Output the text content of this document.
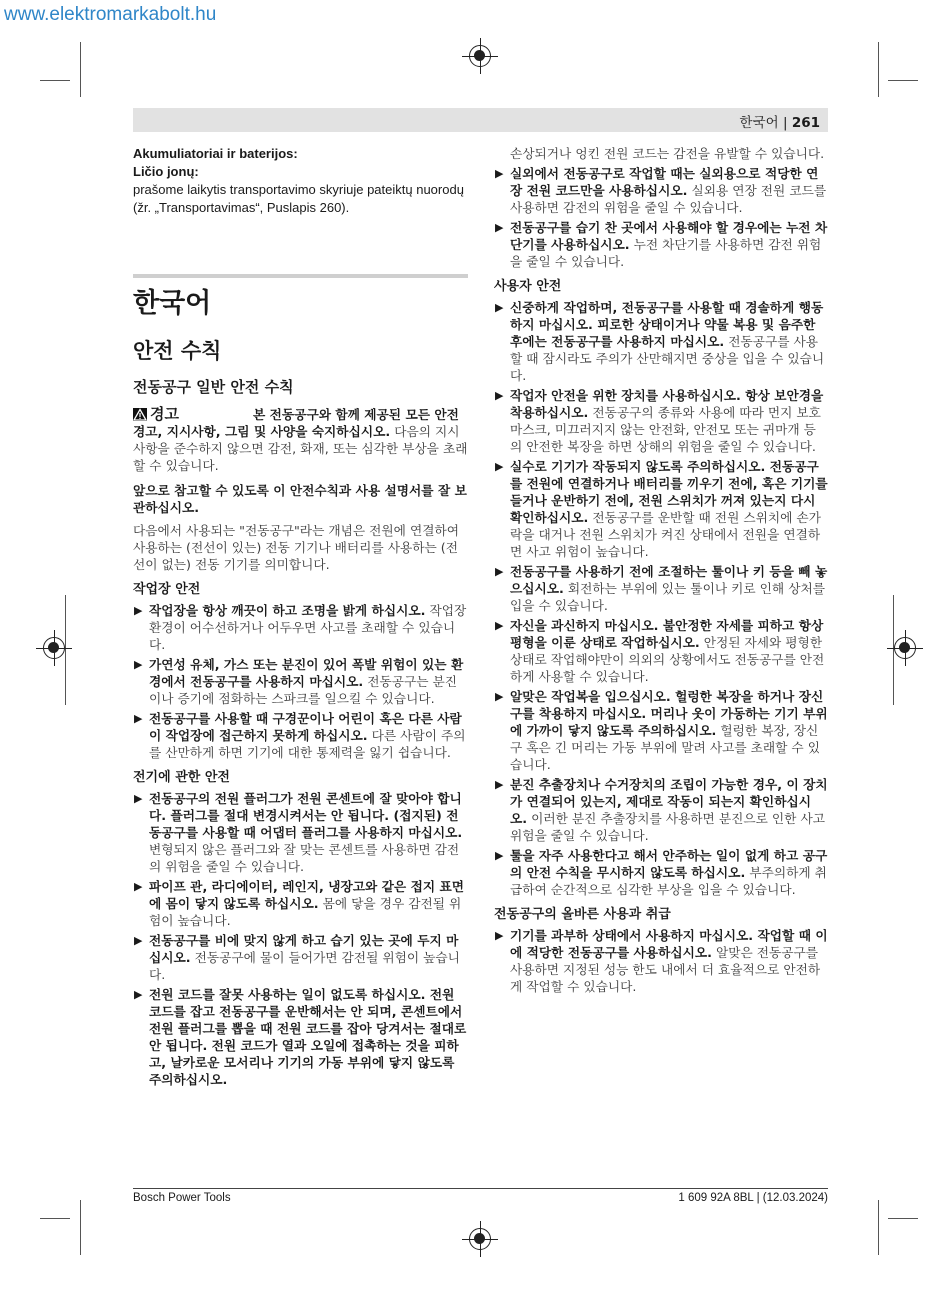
www.elektromarkabolt.hu
한국어 | 261
Akumuliatoriai ir baterijos:
Ličio jonų:
prašome laikytis transportavimo skyriuje pateiktų nuorodų (žr. „Transportavimas“, Puslapis 260).
한국어
안전 수칙
전동공구 일반 안전 수칙
경고	본 전동공구와 함께 제공된 모든 안전경고, 지시사항, 그림 및 사양을 숙지하십시오. 다음의 지시 사항을 준수하지 않으면 감전, 화재, 또는 심각한 부상을 초래할 수 있습니다.

앞으로 참고할 수 있도록 이 안전수칙과 사용 설명서를 잘 보관하십시오.

다음에서 사용되는 "전동공구"라는 개념은 전원에 연결하여 사용하는 (전선이 있는) 전동 기기나 배터리를 사용하는 (전선이 없는) 전동 기기를 의미합니다.

작업장 안전
▶ 작업장을 항상 깨끗이 하고 조명을 밝게 하십시오. 작업장 환경이 어수선하거나 어두우면 사고를 초래할 수 있습니다.
▶ 가연성 유체, 가스 또는 분진이 있어 폭발 위험이 있는 환경에서 전동공구를 사용하지 마십시오. 전동공구는 분진이나 증기에 점화하는 스파크를 일으킬 수 있습니다.
▶ 전동공구를 사용할 때 구경꾼이나 어린이 혹은 다른 사람이 작업장에 접근하지 못하게 하십시오. 다른 사람이 주의를 산만하게 하면 기기에 대한 통제력을 잃기 쉽습니다.
전기에 관한 안전
▶ 전동공구의 전원 플러그가 전원 콘센트에 잘 맞아야 합니다. 플러그를 절대 변경시켜서는 안 됩니다. (접지된) 전동공구를 사용할 때 어댑터 플러그를 사용하지 마십시오. 변형되지 않은 플러그와 잘 맞는 콘센트를 사용하면 감전의 위험을 줄일 수 있습니다.
▶ 파이프 관, 라디에이터, 레인지, 냉장고와 같은 접지 표면에 몸이 닿지 않도록 하십시오. 몸에 닿을 경우 감전될 위험이 높습니다.
▶ 전동공구를 비에 맞지 않게 하고 습기 있는 곳에 두지 마십시오. 전동공구에 물이 들어가면 감전될 위험이 높습니다.
▶ 전원 코드를 잘못 사용하는 일이 없도록 하십시오. 전원 코드를 잡고 전동공구를 운반해서는 안 되며, 콘센트에서 전원 플러그를 뽑을 때 전원 코드를 잡아 당겨서는 절대로 안 됩니다. 전원 코드가 열과 오일에 접촉하는 것을 피하고, 날카로운 모서리나 기기의 가동 부위에 닿지 않도록 주의하십시오.
손상되거나 엉킨 전원 코드는 감전을 유발할 수 있습니다.
▶ 실외에서 전동공구로 작업할 때는 실외용으로 적당한 연장 전원 코드만을 사용하십시오. 실외용 연장 전원 코드를 사용하면 감전의 위험을 줄일 수 있습니다.
▶ 전동공구를 습기 찬 곳에서 사용해야 할 경우에는 누전 차단기를 사용하십시오. 누전 차단기를 사용하면 감전 위험을 줄일 수 있습니다.
사용자 안전
▶ 신중하게 작업하며, 전동공구를 사용할 때 경솔하게 행동하지 마십시오. 피로한 상태이거나 약물 복용 및 음주한 후에는 전동공구를 사용하지 마십시오. 전동공구를 사용할 때 잠시라도 주의가 산만해지면 중상을 입을 수 있습니다.
▶ 작업자 안전을 위한 장치를 사용하십시오. 항상 보안경을 착용하십시오. 전동공구의 종류와 사용에 따라 먼지 보호 마스크, 미끄러지지 않는 안전화, 안전모 또는 귀마개 등의 안전한 복장을 하면 상해의 위험을 줄일 수 있습니다.
▶ 실수로 기기가 작동되지 않도록 주의하십시오. 전동공구를 전원에 연결하거나 배터리를 끼우기 전에, 혹은 기기를 들거나 운반하기 전에, 전원 스위치가 꺼져 있는지 다시 확인하십시오. 전동공구를 운반할 때 전원 스위치에 손가락을 대거나 전원 스위치가 켜진 상태에서 전원을 연결하면 사고 위험이 높습니다.
▶ 전동공구를 사용하기 전에 조절하는 툴이나 키 등을 빼 놓으십시오. 회전하는 부위에 있는 툴이나 키로 인해 상처를 입을 수 있습니다.
▶ 자신을 과신하지 마십시오. 불안정한 자세를 피하고 항상 평형을 이룬 상태로 작업하십시오. 안정된 자세와 평형한 상태로 작업해야만이 의외의 상황에서도 전동공구를 안전하게 사용할 수 있습니다.
▶ 알맞은 작업복을 입으십시오. 헐렁한 복장을 하거나 장신구를 착용하지 마십시오. 머리나 옷이 가동하는 기기 부위에 가까이 닿지 않도록 주의하십시오. 헐렁한 복장, 장신구 혹은 긴 머리는 가동 부위에 말려 사고를 초래할 수 있습니다.
▶ 분진 추출장치나 수거장치의 조립이 가능한 경우, 이 장치가 연결되어 있는지, 제대로 작동이 되는지 확인하십시오. 이러한 분진 추출장치를 사용하면 분진으로 인한 사고 위험을 줄일 수 있습니다.
▶ 툴을 자주 사용한다고 해서 안주하는 일이 없게 하고 공구의 안전 수칙을 무시하지 않도록 하십시오. 부주의하게 취급하여 순간적으로 심각한 부상을 입을 수 있습니다.
전동공구의 올바른 사용과 취급
▶ 기기를 과부하 상태에서 사용하지 마십시오. 작업할 때 이에 적당한 전동공구를 사용하십시오. 알맞은 전동공구를 사용하면 지정된 성능 한도 내에서 더 효율적으로 안전하게 작업할 수 있습니다.
Bosch Power Tools	1 609 92A 8BL | (12.03.2024)
